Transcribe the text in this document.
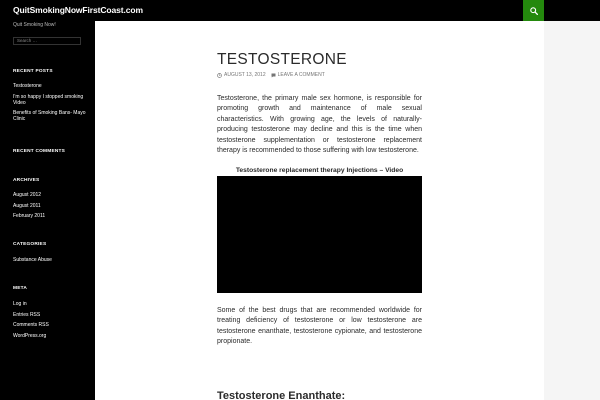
QuitSmokingNowFirstCoast.com
Quit Smoking Now!
Search …
RECENT POSTS
Testosterone
I'm so happy I stopped smoking Video
Benefits of Smoking Bans- Mayo Clinic
RECENT COMMENTS
ARCHIVES
August 2012
August 2011
February 2011
CATEGORIES
Substance Abuse
META
Log in
Entries RSS
Comments RSS
WordPress.org
TESTOSTERONE
AUGUST 13, 2012 LEAVE A COMMENT

Testosterone, the primary male sex hormone, is responsible for promoting growth and maintenance of male sexual characteristics. With growing age, the levels of naturally-producing testosterone may decline and this is the time when testosterone supplementation or testosterone replacement therapy is recommended to those suffering with low testosterone.

Testosterone replacement therapy Injections – Video

Some of the best drugs that are recommended worldwide for treating deficiency of testosterone or low testosterone are testosterone enanthate, testosterone cypionate, and testosterone propionate.

Testosterone Enanthate:
